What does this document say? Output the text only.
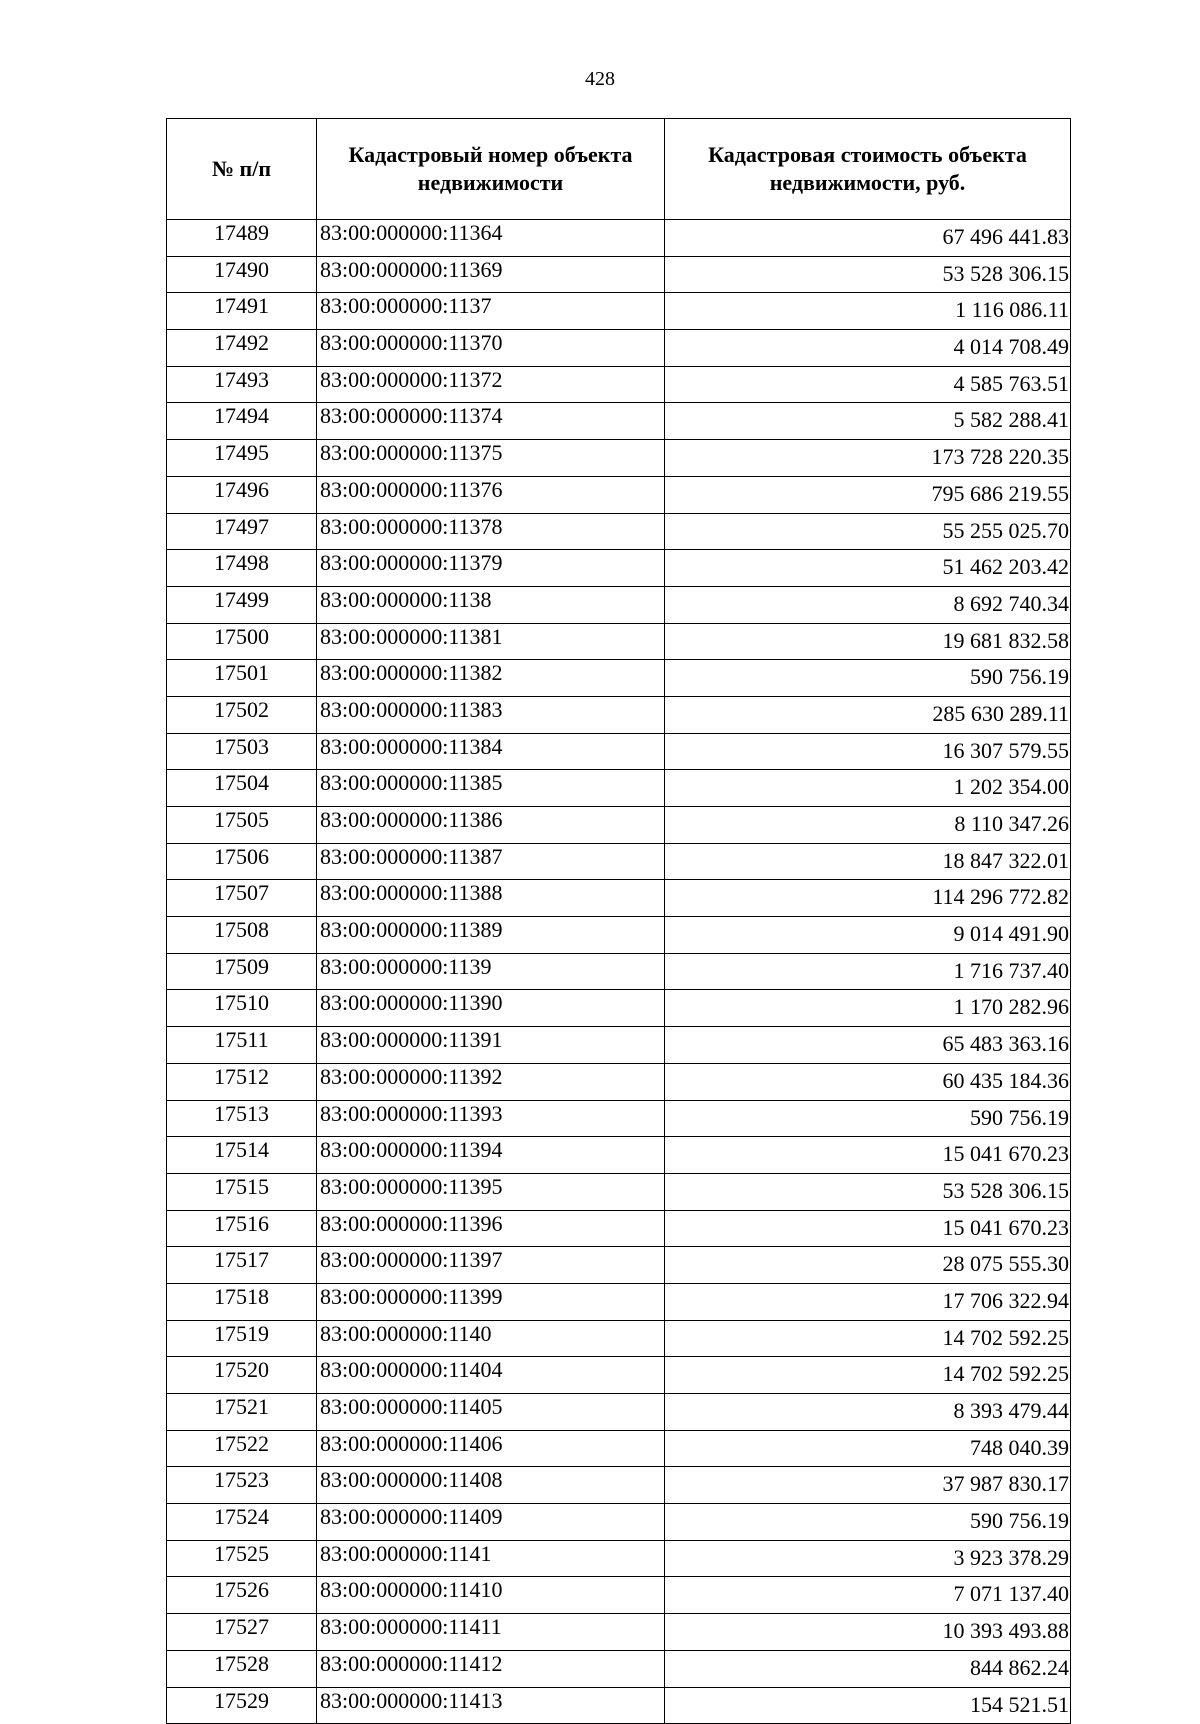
428
№ п/п	Кадастровый номер объекта недвижимости	Кадастровая стоимость объекта недвижимости, руб.
17489	83:00:000000:11364	67 496 441.83
17490	83:00:000000:11369	53 528 306.15
17491	83:00:000000:1137	1 116 086.11
17492	83:00:000000:11370	4 014 708.49
17493	83:00:000000:11372	4 585 763.51
17494	83:00:000000:11374	5 582 288.41
17495	83:00:000000:11375	173 728 220.35
17496	83:00:000000:11376	795 686 219.55
17497	83:00:000000:11378	55 255 025.70
17498	83:00:000000:11379	51 462 203.42
17499	83:00:000000:1138	8 692 740.34
17500	83:00:000000:11381	19 681 832.58
17501	83:00:000000:11382	590 756.19
17502	83:00:000000:11383	285 630 289.11
17503	83:00:000000:11384	16 307 579.55
17504	83:00:000000:11385	1 202 354.00
17505	83:00:000000:11386	8 110 347.26
17506	83:00:000000:11387	18 847 322.01
17507	83:00:000000:11388	114 296 772.82
17508	83:00:000000:11389	9 014 491.90
17509	83:00:000000:1139	1 716 737.40
17510	83:00:000000:11390	1 170 282.96
17511	83:00:000000:11391	65 483 363.16
17512	83:00:000000:11392	60 435 184.36
17513	83:00:000000:11393	590 756.19
17514	83:00:000000:11394	15 041 670.23
17515	83:00:000000:11395	53 528 306.15
17516	83:00:000000:11396	15 041 670.23
17517	83:00:000000:11397	28 075 555.30
17518	83:00:000000:11399	17 706 322.94
17519	83:00:000000:1140	14 702 592.25
17520	83:00:000000:11404	14 702 592.25
17521	83:00:000000:11405	8 393 479.44
17522	83:00:000000:11406	748 040.39
17523	83:00:000000:11408	37 987 830.17
17524	83:00:000000:11409	590 756.19
17525	83:00:000000:1141	3 923 378.29
17526	83:00:000000:11410	7 071 137.40
17527	83:00:000000:11411	10 393 493.88
17528	83:00:000000:11412	844 862.24
17529	83:00:000000:11413	154 521.51
